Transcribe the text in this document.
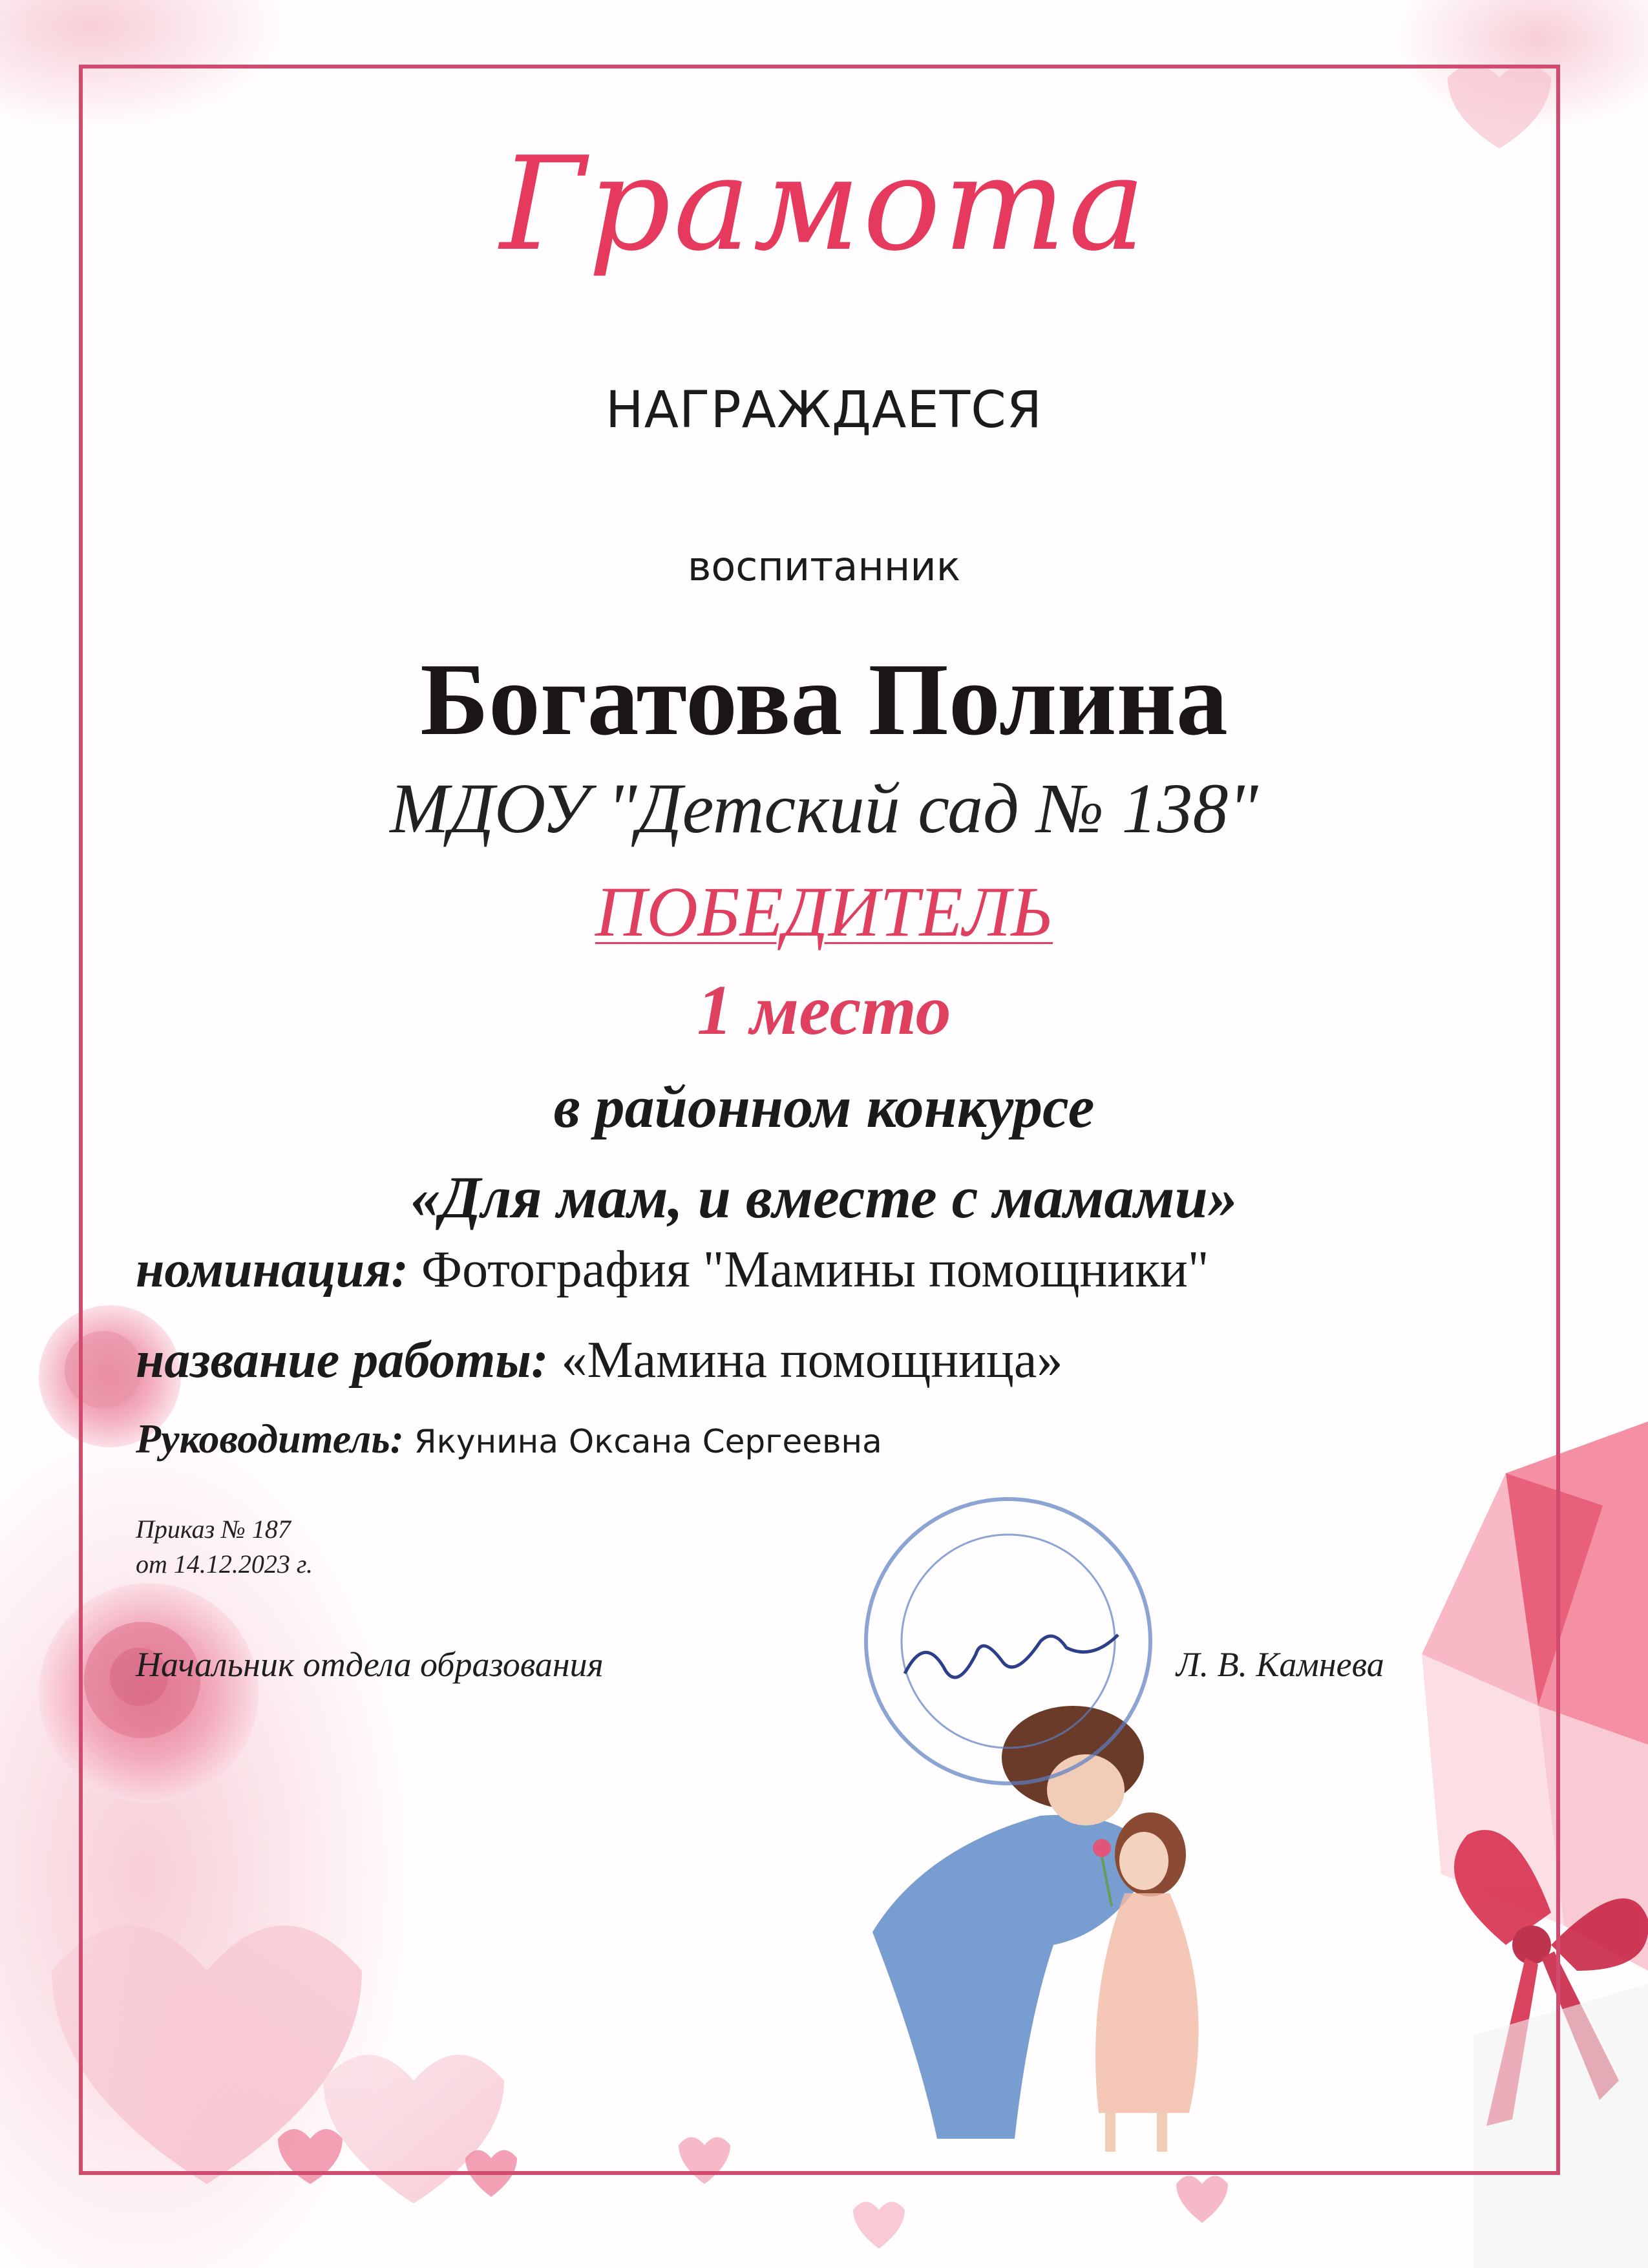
Грамота
НАГРАЖДАЕТСЯ
воспитанник
Богатова Полина
МДОУ "Детский сад № 138"
ПОБЕДИТЕЛЬ
1 место
в районном конкурсе
«Для мам, и вместе с мамами»
номинация: Фотография "Мамины помощники"
название работы: «Мамина помощница»
Руководитель: Якунина Оксана Сергеевна
Приказ № 187
от 14.12.2023 г.
Начальник отдела образования	Л. В. Камнева
